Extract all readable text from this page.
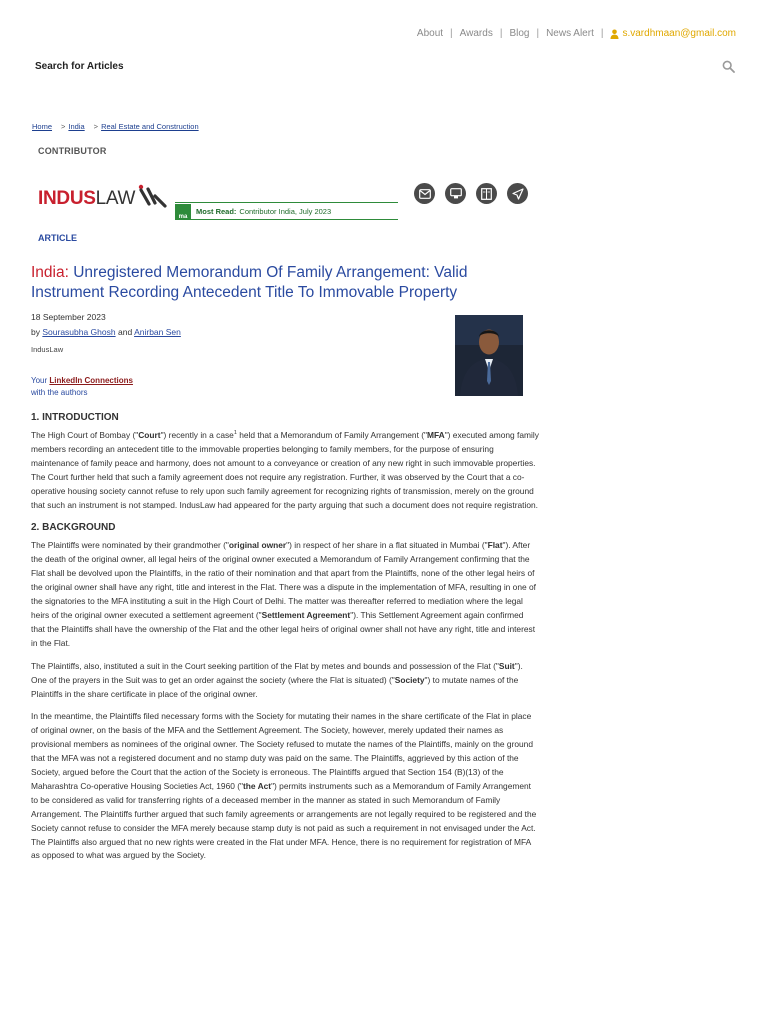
About | Awards | Blog | News Alert | s.vardhmaan@gmail.com
Search for Articles
Home > India > Real Estate and Construction
CONTRIBUTOR
INDUS LAW
ma
Most Read: Contributor India, July 2023
ARTICLE
India: Unregistered Memorandum Of Family Arrangement: Valid Instrument Recording Antecedent Title To Immovable Property
18 September 2023
by Sourasubha Ghosh and Anirban Sen
IndusLaw
Your LinkedIn Connections
with the authors
1. INTRODUCTION

The High Court of Bombay ("Court") recently in a case$^1$ held that a Memorandum of Family Arrangement ("MFA") executed among family members recording an antecedent title to the immovable properties belonging to family members, for the purpose of ensuring maintenance of family peace and harmony, does not amount to a conveyance or creation of any new right in such immovable properties. The Court further held that such a family agreement does not require any registration. Further, it was observed by the Court that a co-operative housing society cannot refuse to rely upon such family agreement for recognizing rights of transmission, merely on the ground that such an instrument is not stamped. IndusLaw had appeared for the party arguing that such a document does not require registration.

2. BACKGROUND

The Plaintiffs were nominated by their grandmother ("original owner") in respect of her share in a flat situated in Mumbai ("Flat"). After the death of the original owner, all legal heirs of the original owner executed a Memorandum of Family Arrangement confirming that the Flat shall be devolved upon the Plaintiffs, in the ratio of their nomination and that apart from the Plaintiffs, none of the other legal heirs of the original owner shall have any right, title and interest in the Flat. There was a dispute in the implementation of MFA, resulting in one of the signatories to the MFA instituting a suit in the High Court of Delhi. The matter was thereafter referred to mediation where the legal heirs of the original owner executed a settlement agreement ("Settlement Agreement"). This Settlement Agreement again confirmed that the Plaintiffs shall have the ownership of the Flat and the other legal heirs of original owner shall not have any right, title and interest in the Flat.

The Plaintiffs, also, instituted a suit in the Court seeking partition of the Flat by metes and bounds and possession of the Flat ("Suit"). One of the prayers in the Suit was to get an order against the society (where the Flat is situated) ("Society") to mutate names of the Plaintiffs in the share certificate in place of the original owner.

In the meantime, the Plaintiffs filed necessary forms with the Society for mutating their names in the share certificate of the Flat in place of original owner, on the basis of the MFA and the Settlement Agreement. The Society, however, merely updated their names as provisional members as nominees of the original owner. The Society refused to mutate the names of the Plaintiffs, mainly on the ground that the MFA was not a registered document and no stamp duty was paid on the same. The Plaintiffs, aggrieved by this action of the Society, argued before the Court that the action of the Society is erroneous. The Plaintiffs argued that Section 154 (B)(13) of the Maharashtra Co-operative Housing Societies Act, 1960 ("the Act") permits instruments such as a Memorandum of Family Arrangement to be considered as valid for transferring rights of a deceased member in the manner as stated in such Memorandum of Family Arrangement. The Plaintiffs further argued that such family agreements or arrangements are not legally required to be registered and the Society cannot refuse to consider the MFA merely because stamp duty is not paid as such a requirement in not envisaged under the Act. The Plaintiffs also argued that no new rights were created in the Flat under MFA. Hence, there is no requirement for registration of MFA as opposed to what was argued by the Society.
